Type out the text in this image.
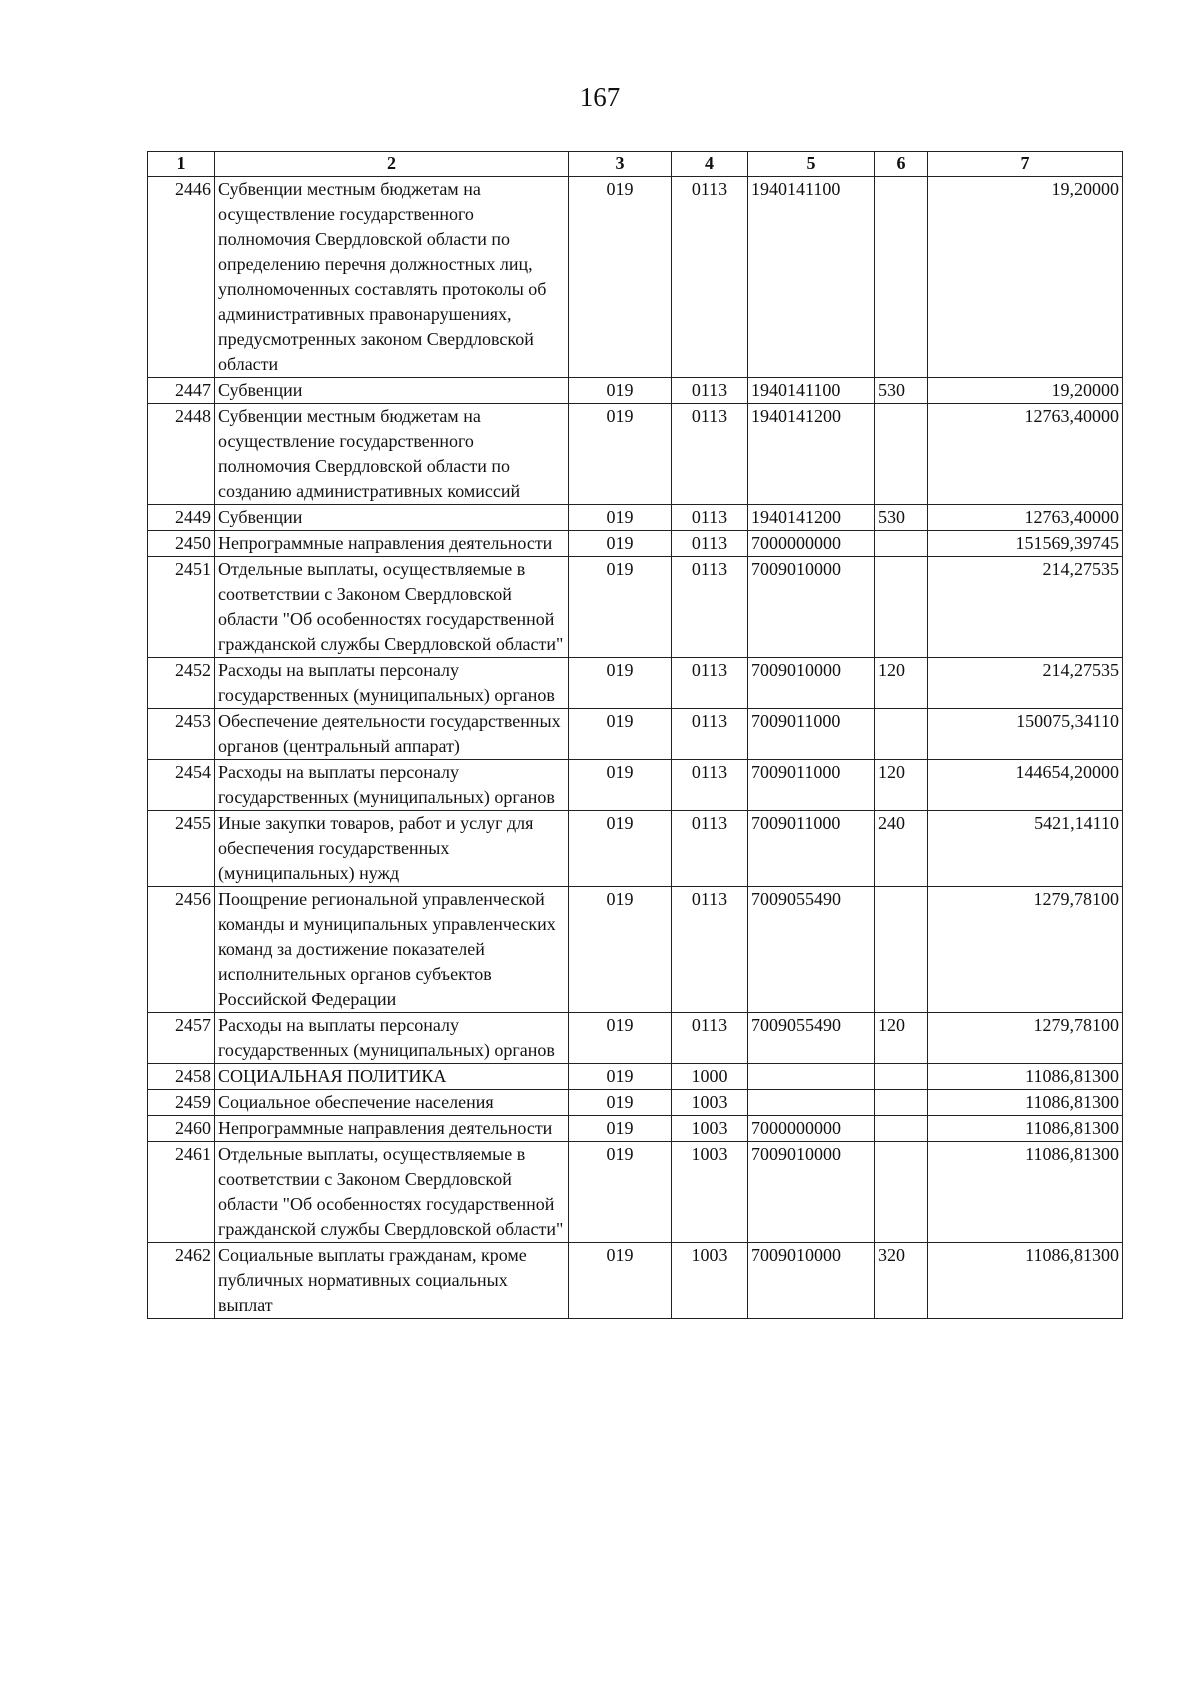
167
1	2	3	4	5	6	7
2446	Субвенции местным бюджетам на осуществление государственного полномочия Свердловской области по определению перечня должностных лиц, уполномоченных составлять протоколы об административных правонарушениях, предусмотренных законом Свердловской области	019	0113	1940141100		19,20000
2447	Субвенции	019	0113	1940141100	530	19,20000
2448	Субвенции местным бюджетам на осуществление государственного полномочия Свердловской области по созданию административных комиссий	019	0113	1940141200		12763,40000
2449	Субвенции	019	0113	1940141200	530	12763,40000
2450	Непрограммные направления деятельности	019	0113	7000000000		151569,39745
2451	Отдельные выплаты, осуществляемые в соответствии с Законом Свердловской области "Об особенностях государственной гражданской службы Свердловской области"	019	0113	7009010000		214,27535
2452	Расходы на выплаты персоналу государственных (муниципальных) органов	019	0113	7009010000	120	214,27535
2453	Обеспечение деятельности государственных органов (центральный аппарат)	019	0113	7009011000		150075,34110
2454	Расходы на выплаты персоналу государственных (муниципальных) органов	019	0113	7009011000	120	144654,20000
2455	Иные закупки товаров, работ и услуг для обеспечения государственных (муниципальных) нужд	019	0113	7009011000	240	5421,14110
2456	Поощрение региональной управленческой команды и муниципальных управленческих команд за достижение показателей исполнительных органов субъектов Российской Федерации	019	0113	7009055490		1279,78100
2457	Расходы на выплаты персоналу государственных (муниципальных) органов	019	0113	7009055490	120	1279,78100
2458	СОЦИАЛЬНАЯ ПОЛИТИКА	019	1000			11086,81300
2459	Социальное обеспечение населения	019	1003			11086,81300
2460	Непрограммные направления деятельности	019	1003	7000000000		11086,81300
2461	Отдельные выплаты, осуществляемые в соответствии с Законом Свердловской области "Об особенностях государственной гражданской службы Свердловской области"	019	1003	7009010000		11086,81300
2462	Социальные выплаты гражданам, кроме публичных нормативных социальных выплат	019	1003	7009010000	320	11086,81300
